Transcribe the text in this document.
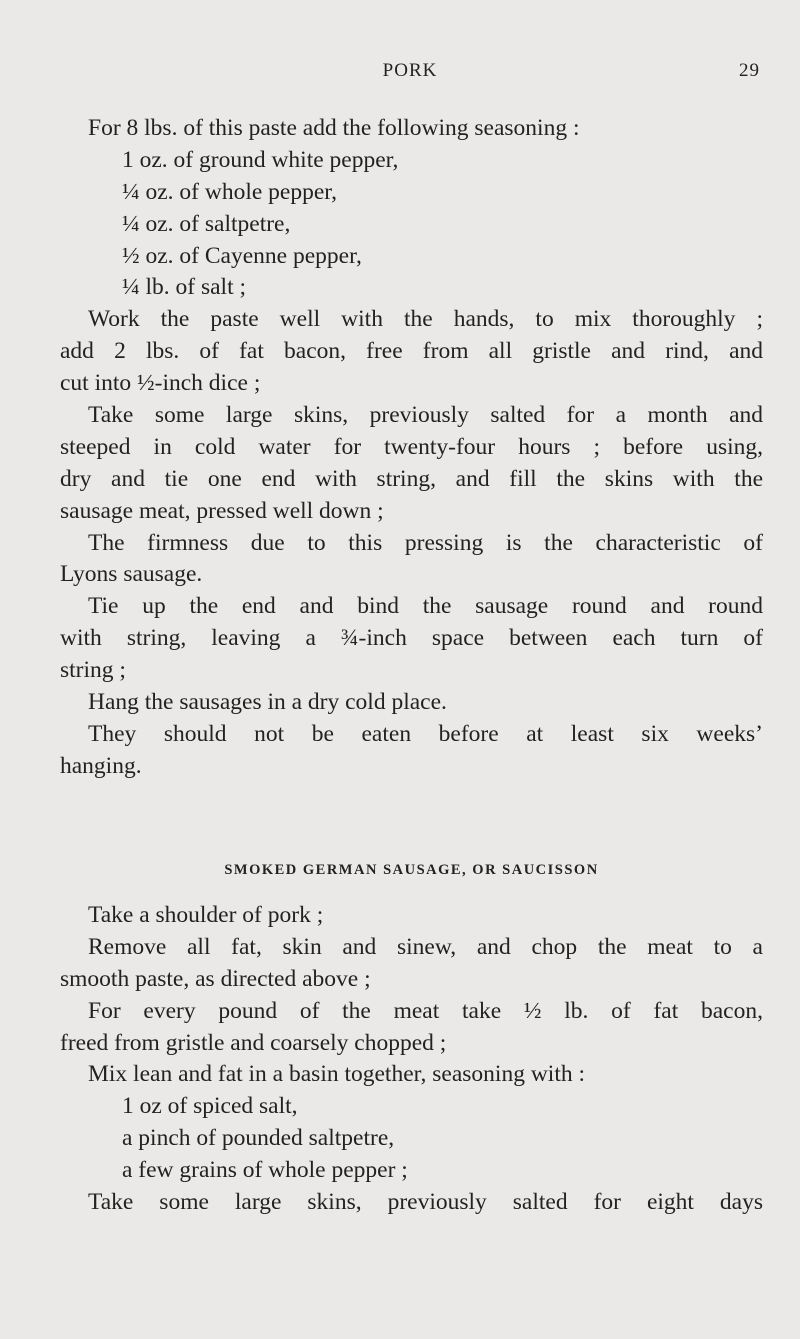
PORK	29
For 8 lbs. of this paste add the following seasoning :
1 oz. of ground white pepper,
¼ oz. of whole pepper,
¼ oz. of saltpetre,
½ oz. of Cayenne pepper,
¼ lb. of salt ;
Work the paste well with the hands, to mix thoroughly ;
add 2 lbs. of fat bacon, free from all gristle and rind, and
cut into ½-inch dice ;
Take some large skins, previously salted for a month and
steeped in cold water for twenty-four hours ; before using,
dry and tie one end with string, and fill the skins with the
sausage meat, pressed well down ;
The firmness due to this pressing is the characteristic of
Lyons sausage.
Tie up the end and bind the sausage round and round
with string, leaving a ¾-inch space between each turn of
string ;
Hang the sausages in a dry cold place.
They should not be eaten before at least six weeks’
hanging.
SMOKED GERMAN SAUSAGE, OR SAUCISSON
Take a shoulder of pork ;
Remove all fat, skin and sinew, and chop the meat to a
smooth paste, as directed above ;
For every pound of the meat take ½ lb. of fat bacon,
freed from gristle and coarsely chopped ;
Mix lean and fat in a basin together, seasoning with :
1 oz of spiced salt,
a pinch of pounded saltpetre,
a few grains of whole pepper ;
Take some large skins, previously salted for eight days
